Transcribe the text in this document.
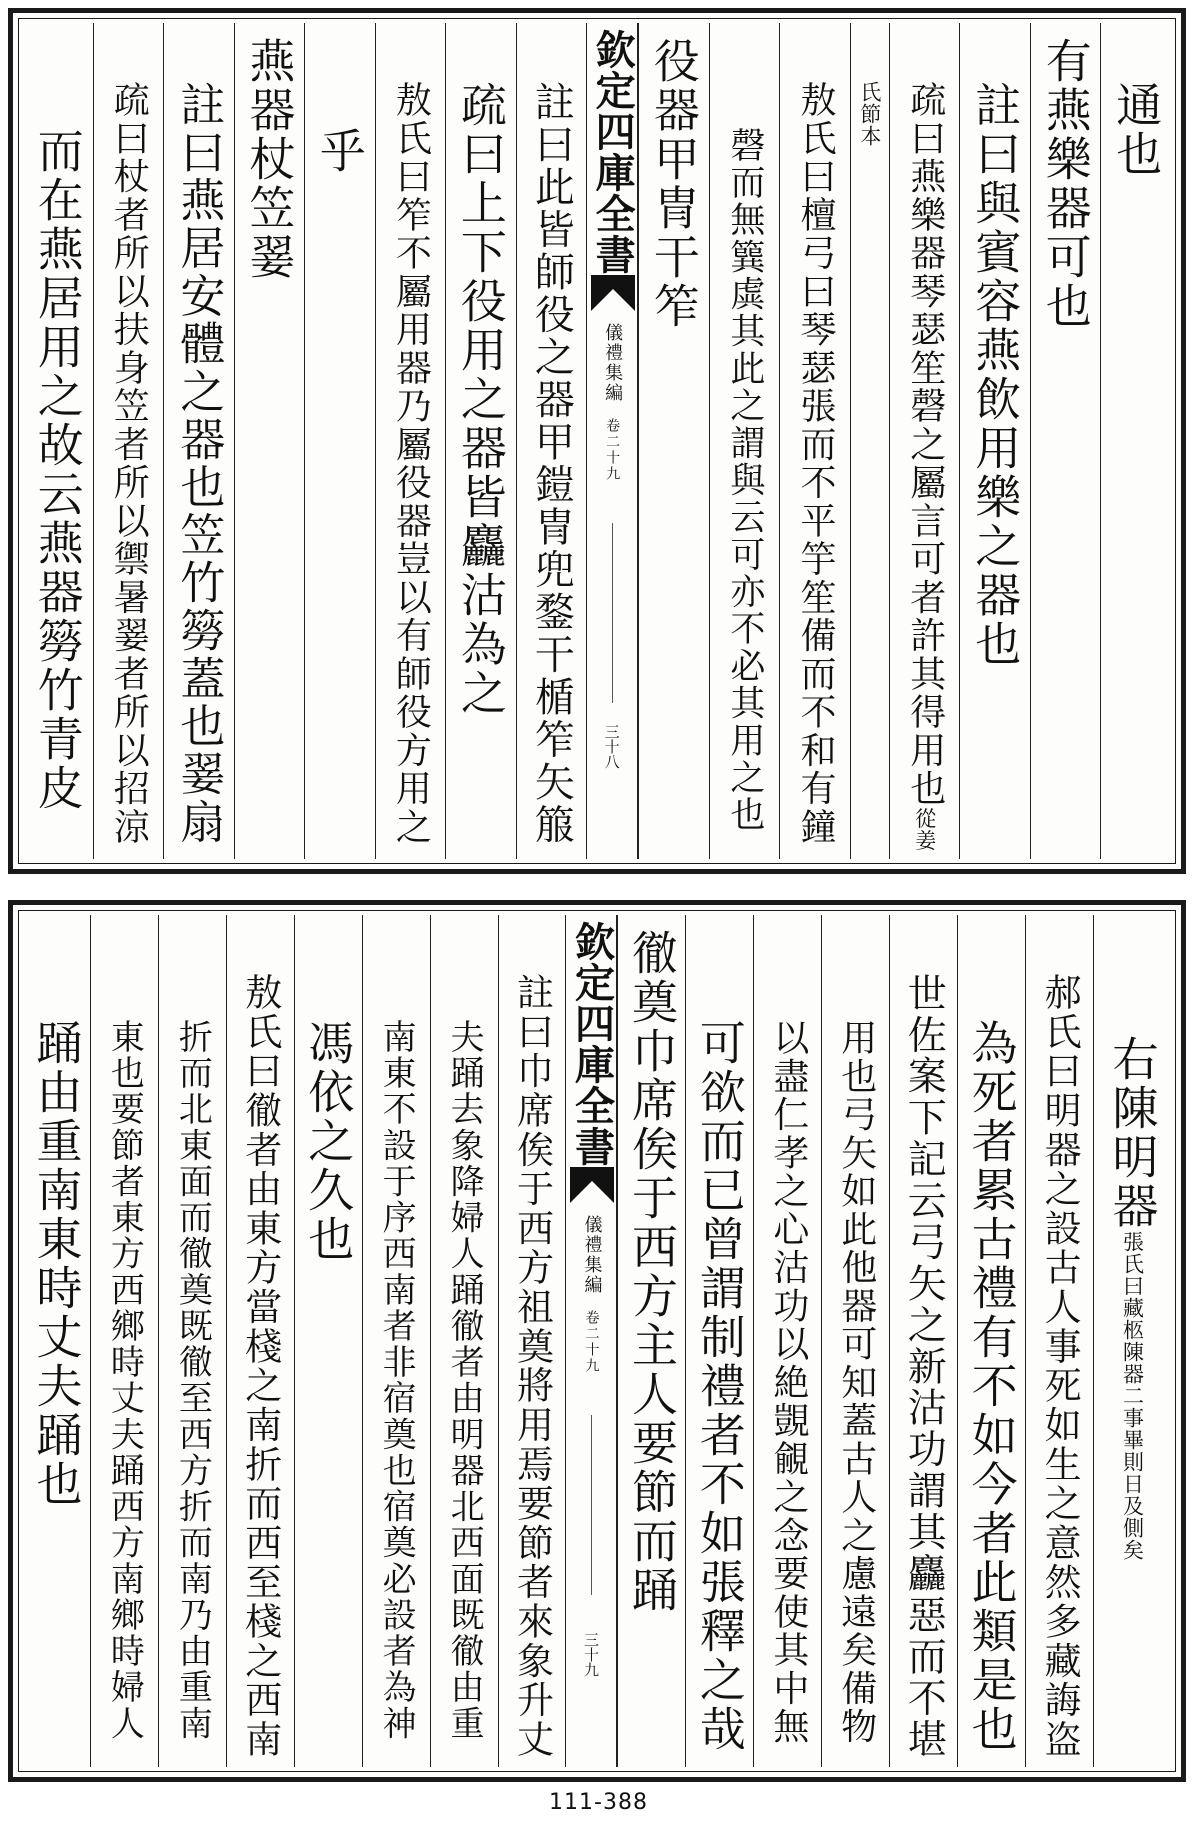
通也
有燕樂器可也
註曰與賓容燕飲用樂之器也
疏曰燕樂器琴瑟笙磬之屬言可者許其得用也從姜
氏節本
敖氏曰檀弓曰琴瑟張而不平竽笙備而不和有鐘
磬而無簨虡其此之謂與云可亦不必其用之也
役器甲冑干笮
欽定四庫全書
儀禮集編
卷二十九
三十八
註曰此皆師役之器甲鎧冑兜鍪干楯笮矢箙
疏曰上下役用之器皆麤沽為之
敖氏曰笮不屬用器乃屬役器豈以有師役方用之
乎
燕器杖笠翣
註曰燕居安體之器也笠竹簩蓋也翣扇
疏曰杖者所以扶身笠者所以禦暑翣者所以招涼
而在燕居用之故云燕器簩竹青皮
右陳明器張氏曰藏柩陳器二事畢則日及側矣
郝氏曰明器之設古人事死如生之意然多藏誨盗
為死者累古禮有不如今者此類是也
世佐案下記云弓矢之新沽功謂其麤惡而不堪
用也弓矢如此他器可知蓋古人之慮遠矣備物
以盡仁孝之心沽功以絶覬覦之念要使其中無
可欲而已曾謂制禮者不如張釋之哉
徹奠巾席俟于西方主人要節而踊
欽定四庫全書
儀禮集編
卷二十九
三十九
註曰巾席俟于西方祖奠將用焉要節者來象升丈
夫踊去象降婦人踊徹者由明器北西面既徹由重
南東不設于序西南者非宿奠也宿奠必設者為神
馮依之久也
敖氏曰徹者由東方當棧之南折而西至棧之西南
折而北東面而徹奠既徹至西方折而南乃由重南
東也要節者東方西鄉時丈夫踊西方南鄉時婦人
踊由重南東時丈夫踊也
111-388
